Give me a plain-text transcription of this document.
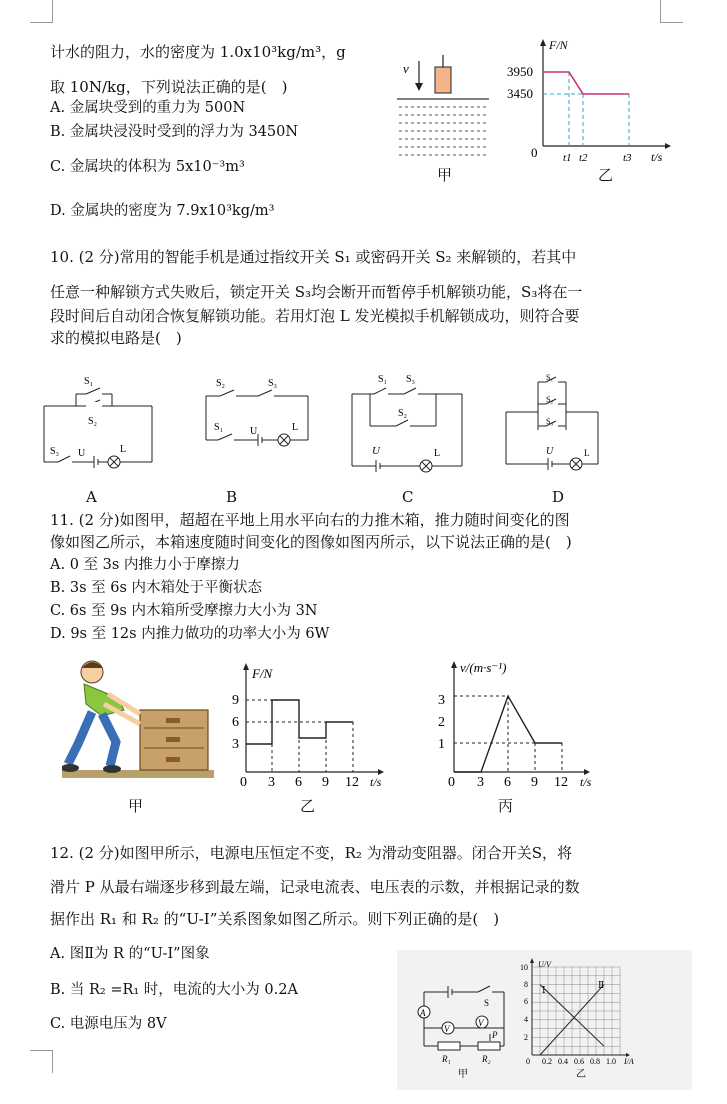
计水的阻力，水的密度为 1.0x10³kg/m³，g
取 10N/kg，下列说法正确的是(　)
A. 金属块受到的重力为 500N
B. 金属块浸没时受到的浮力为 3450N
C. 金属块的体积为 5x10⁻³m³
D. 金属块的密度为 7.9x10³kg/m³
v
甲
F/N
3950
3450
0 t1 t2	t3 t/s
乙
10. (2 分)常用的智能手机是通过指纹开关 S₁ 或密码开关 S₂ 来解锁的，若其中
任意一种解锁方式失败后，锁定开关 S₃均会断开而暂停手机解锁功能，S₃将在一
段时间后自动闭合恢复解锁功能。若用灯泡 L 发光模拟手机解锁成功，则符合要
求的模拟电路是(　)
S₁
S₂
S₃ U	L
A
S₂	S₃
S₁	U	L
B
S₁ S₃
S₂
U	L
C
S₁
S₂
S₃
U	L
D
11. (2 分)如图甲，超超在平地上用水平向右的力推木箱，推力随时间变化的图
像如图乙所示，本箱速度随时间变化的图像如图丙所示，以下说法正确的是(　)
A. 0 至 3s 内推力小于摩擦力
B. 3s 至 6s 内木箱处于平衡状态
C. 6s 至 9s 内木箱所受摩擦力大小为 3N
D. 9s 至 12s 内推力做功的功率大小为 6W
甲
F/N
3
6
9
0 3 6 9 12 t/s
乙
v/(m·s⁻¹)
1
2
3
0 3 6 9 12 t/s
丙
12. (2 分)如图甲所示，电源电压恒定不变，R₂ 为滑动变阻器。闭合开关S，将
滑片 P 从最右端逐步移到最左端，记录电流表、电压表的示数，并根据记录的数
据作出 R₁ 和 R₂ 的“U-I”关系图象如图乙所示。则下列正确的是(　)
A. 图Ⅱ为 R 的“U-I”图象
B. 当 R₂ =R₁ 时，电流的大小为 0.2A
C. 电源电压为 8V
A
V
V
S
P
R₁	R₂
甲
U/V
2
4
6
8
10
0 0.2 0.4 0.6 0.8 1.0 I/A
Ⅰ	Ⅱ
乙
